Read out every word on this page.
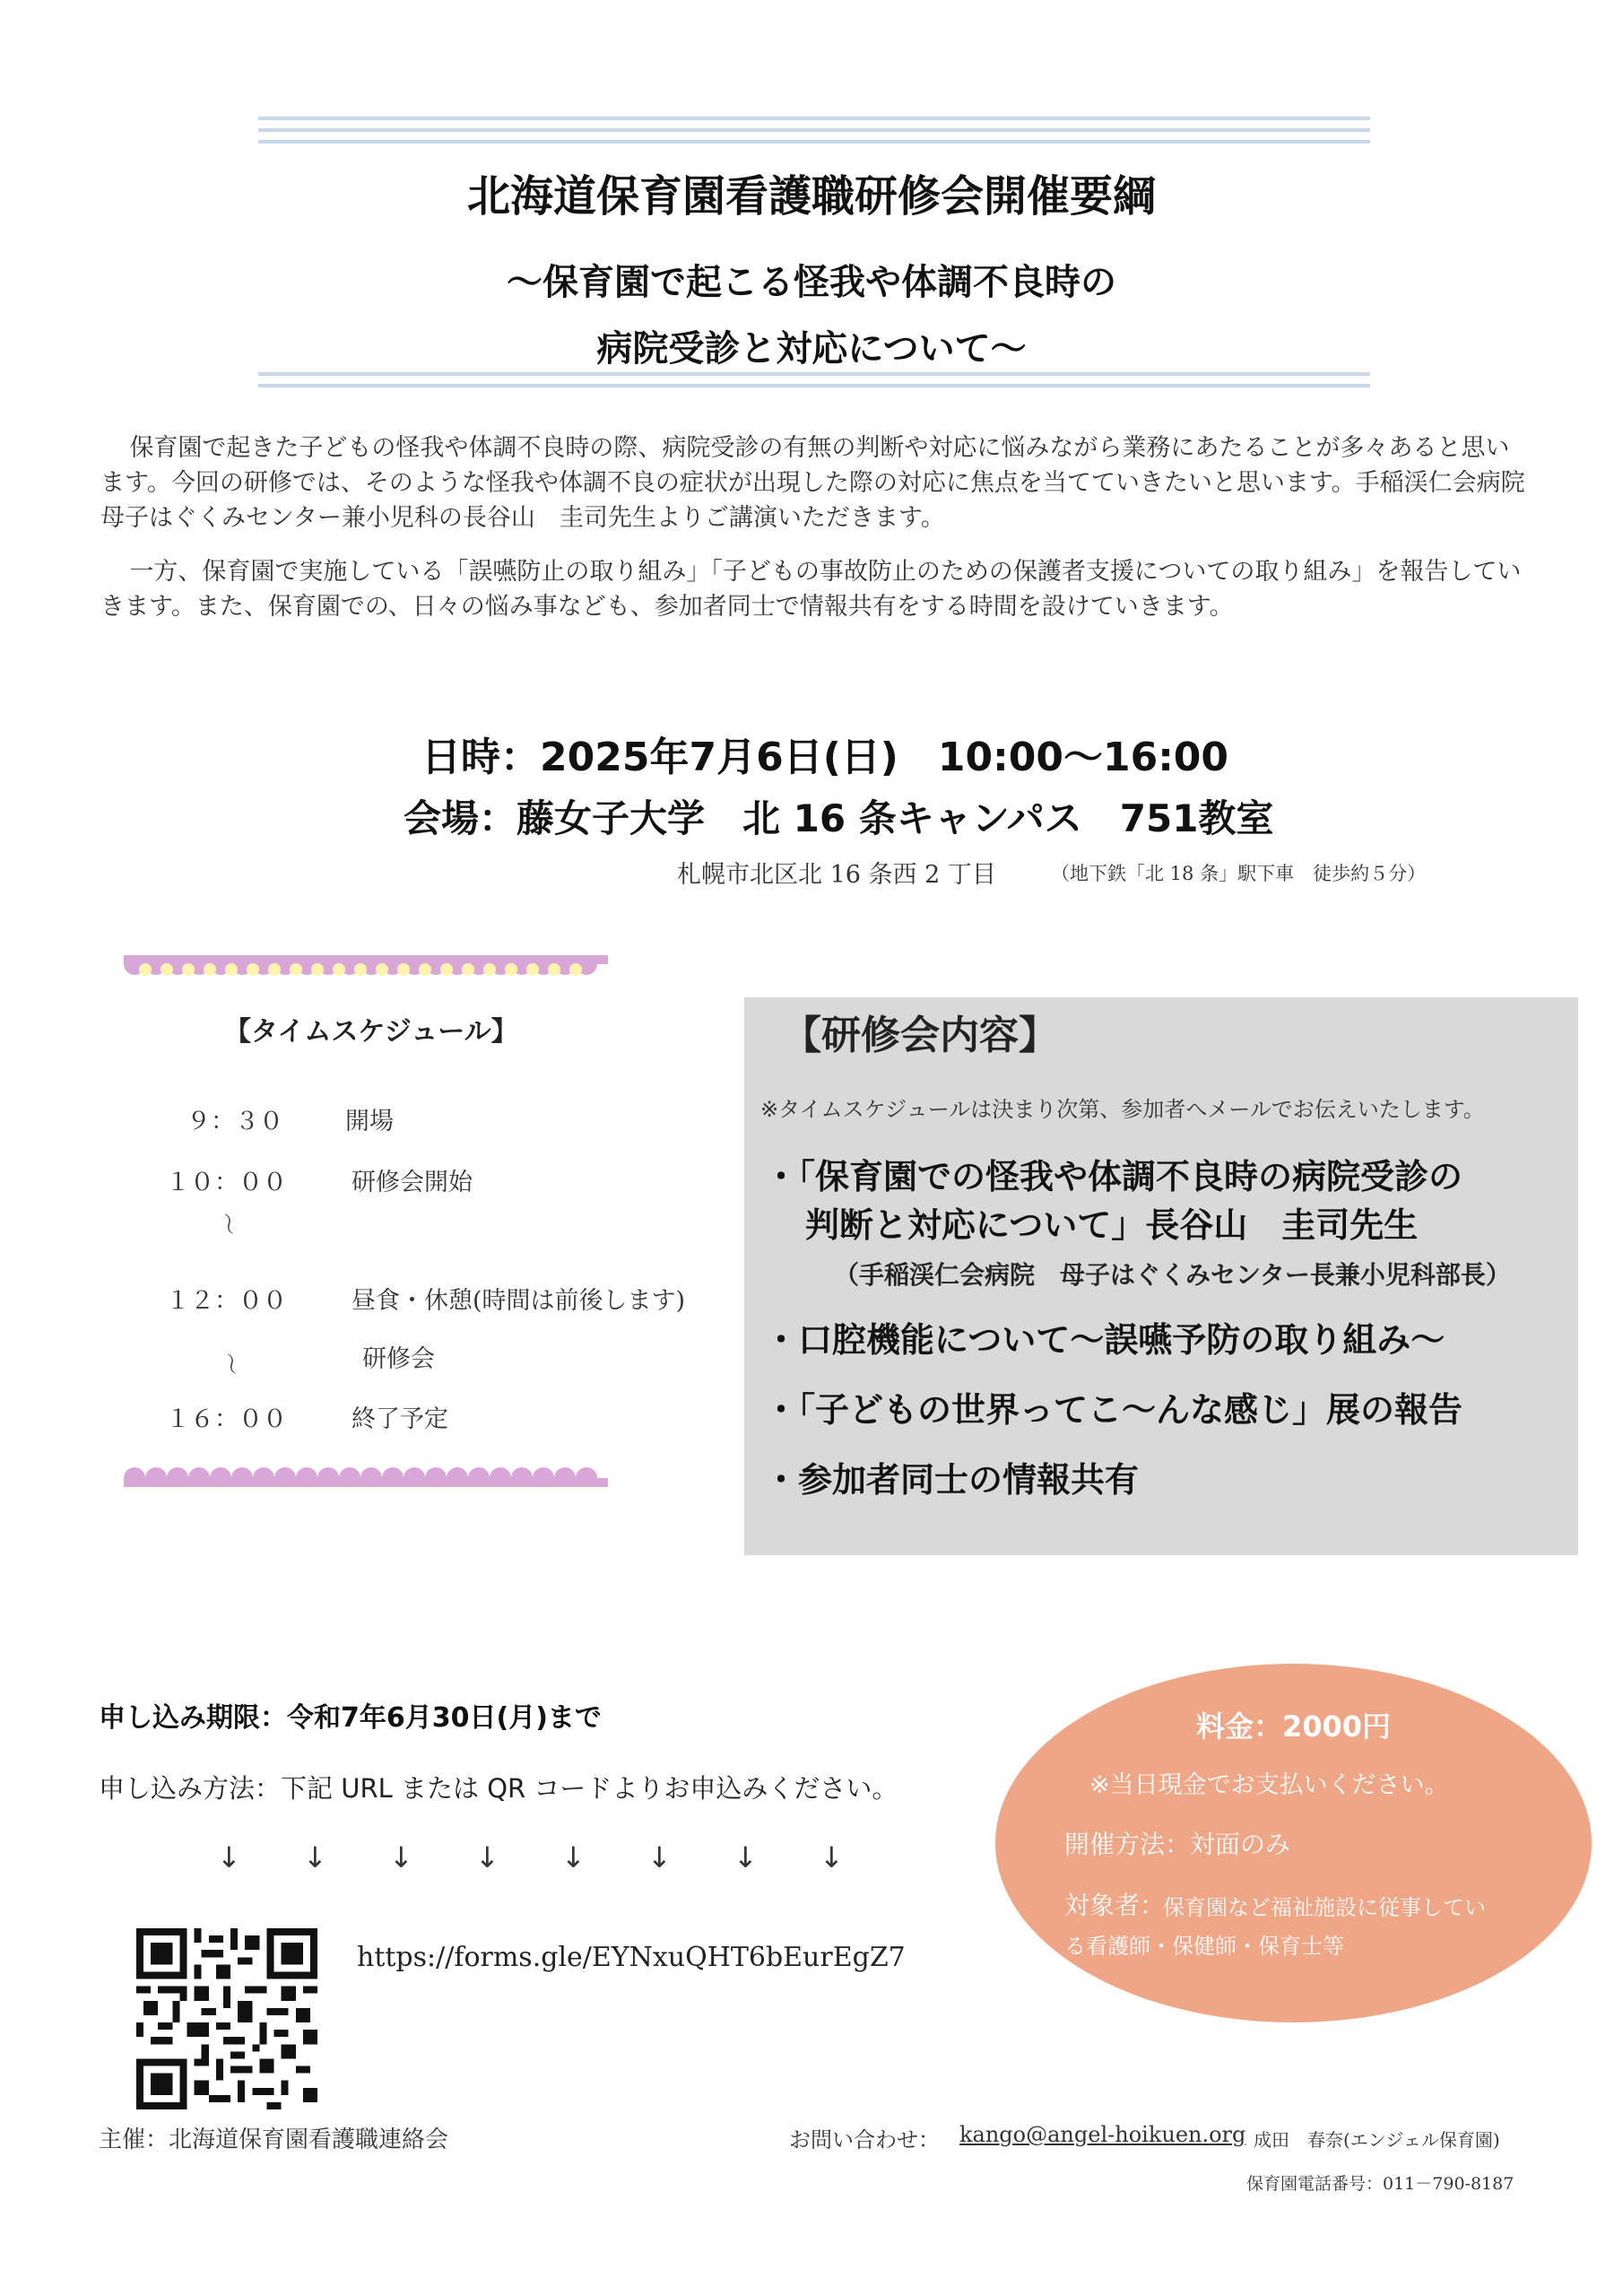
北海道保育園看護職研修会開催要綱
～保育園で起こる怪我や体調不良時の
病院受診と対応について～
保育園で起きた子どもの怪我や体調不良時の際、病院受診の有無の判断や対応に悩みながら業務にあたることが多々あると思います。今回の研修では、そのような怪我や体調不良の症状が出現した際の対応に焦点を当てていきたいと思います。手稲渓仁会病院母子はぐくみセンター兼小児科の長谷山　圭司先生よりご講演いただきます。
一方、保育園で実施している「誤嚥防止の取り組み」「子どもの事故防止のための保護者支援についての取り組み」を報告していきます。また、保育園での、日々の悩み事なども、参加者同士で情報共有をする時間を設けていきます。
日時：2025年7月6日(日)　10:00～16:00
会場：藤女子大学　北 16 条キャンパス　751教室
札幌市北区北 16 条西 2 丁目	（地下鉄「北 18 条」駅下車　徒歩約５分）
【タイムスケジュール】
９：３０	開場
１０：００	研修会開始
～
１２：００	昼食・休憩(時間は前後します)
研修会
～
１６：００	終了予定
【研修会内容】
※タイムスケジュールは決まり次第、参加者へメールでお伝えいたします。
・「保育園での怪我や体調不良時の病院受診の
判断と対応について」長谷山　圭司先生
（手稲渓仁会病院　母子はぐくみセンター長兼小児科部長）
・口腔機能について～誤嚥予防の取り組み～
・「子どもの世界ってこ～んな感じ」展の報告
・参加者同士の情報共有
申し込み期限：令和7年6月30日(月)まで
申し込み方法：下記 URL または QR コードよりお申込みください。
↓ ↓ ↓ ↓ ↓ ↓ ↓ ↓
https://forms.gle/EYNxuQHT6bEurEgZ7
料金：2000円
※当日現金でお支払いください。
開催方法：対面のみ
対象者：
保育園など福祉施設に従事してい
る看護師・保健師・保育士等
主催：北海道保育園看護職連絡会	お問い合わせ： kango@angel-hoikuen.org 成田　春奈(エンジェル保育園)
保育園電話番号：011－790-8187
